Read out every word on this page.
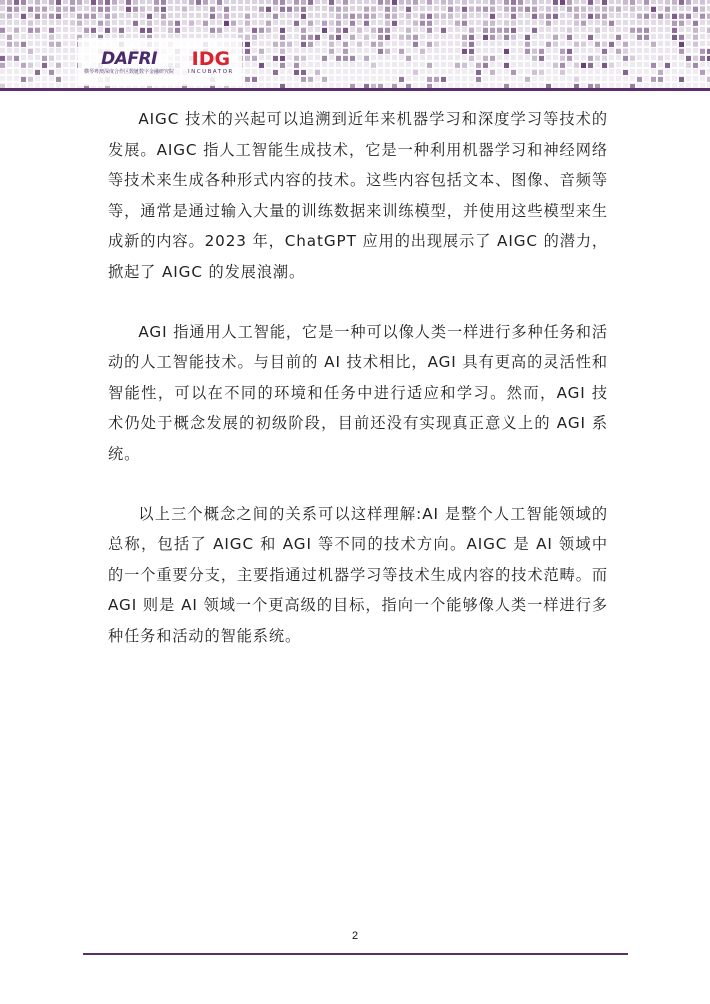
DAFRI
横琴粤澳深度合作区数链数字金融研究院
IDG
INCUBATOR

AIGC 技术的兴起可以追溯到近年来机器学习和深度学习等技术的发展。AIGC 指人工智能生成技术，它是一种利用机器学习和神经网络等技术来生成各种形式内容的技术。这些内容包括文本、图像、音频等等，通常是通过输入大量的训练数据来训练模型，并使用这些模型来生成新的内容。2023 年，ChatGPT 应用的出现展示了 AIGC 的潜力，掀起了 AIGC 的发展浪潮。

AGI 指通用人工智能，它是一种可以像人类一样进行多种任务和活动的人工智能技术。与目前的 AI 技术相比，AGI 具有更高的灵活性和智能性，可以在不同的环境和任务中进行适应和学习。然而，AGI 技术仍处于概念发展的初级阶段，目前还没有实现真正意义上的 AGI 系统。

以上三个概念之间的关系可以这样理解:AI 是整个人工智能领域的总称，包括了 AIGC 和 AGI 等不同的技术方向。AIGC 是 AI 领域中的一个重要分支，主要指通过机器学习等技术生成内容的技术范畴。而 AGI 则是 AI 领域一个更高级的目标，指向一个能够像人类一样进行多种任务和活动的智能系统。

2
